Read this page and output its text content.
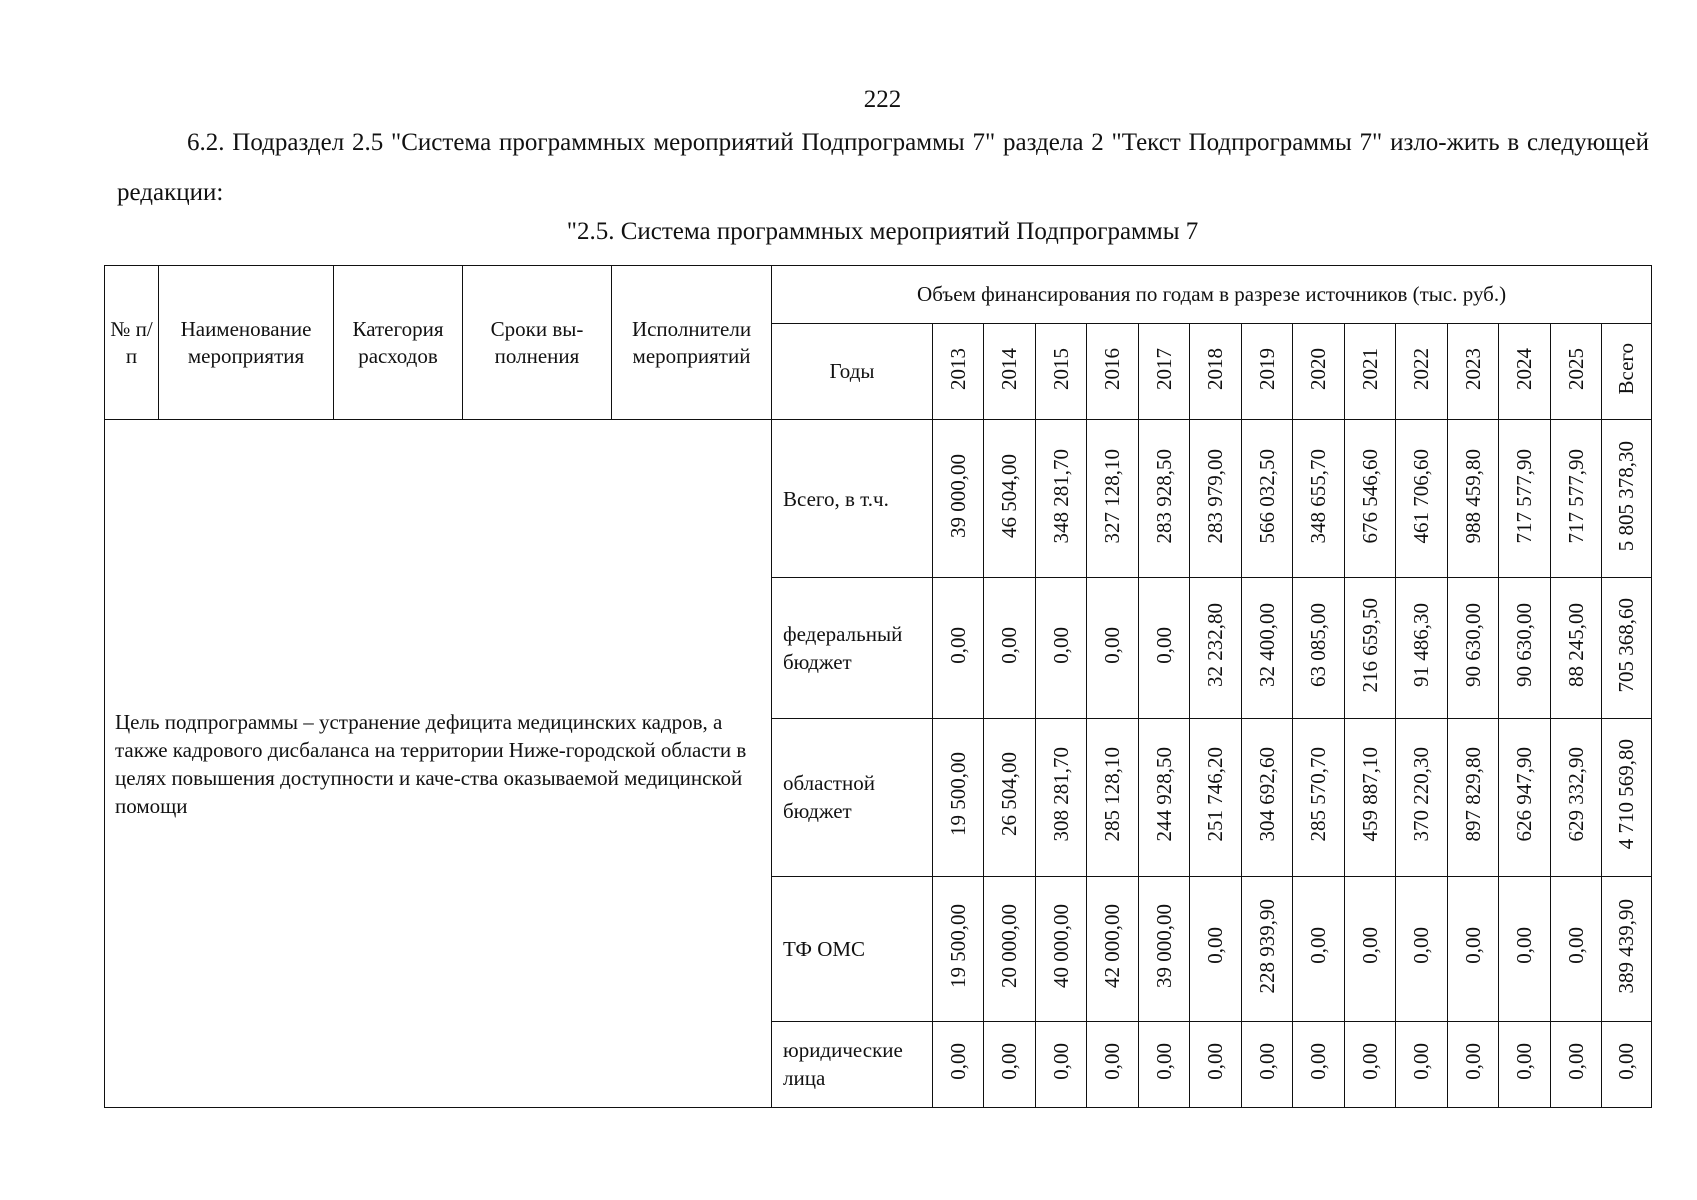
222
6.2. Подраздел 2.5 "Система программных мероприятий Подпрограммы 7" раздела 2 "Текст Подпрограммы 7" изло-жить в следующей редакции:
"2.5. Система программных мероприятий Подпрограммы 7
№ п/п	Наименование мероприятия	Категория расходов	Сроки вы-полнения	Исполнители мероприятий	Объем финансирования по годам в разрезе источников (тыс. руб.)														
					Годы	2013	2014	2015	2016	2017	2018	2019	2020	2021	2022	2023	2024	2025	Всего
Цель подпрограммы – устранение дефицита медицинских кадров, а также кадрового дисбаланса на территории Ниже-городской области в целях повышения доступности и каче-ства оказываемой медицинской помощи					Всего, в т.ч.	39 000,00	46 504,00	348 281,70	327 128,10	283 928,50	283 979,00	566 032,50	348 655,70	676 546,60	461 706,60	988 459,80	717 577,90	717 577,90	5 805 378,30
					федеральный бюджет	0,00	0,00	0,00	0,00	0,00	32 232,80	32 400,00	63 085,00	216 659,50	91 486,30	90 630,00	90 630,00	88 245,00	705 368,60
					областной бюджет	19 500,00	26 504,00	308 281,70	285 128,10	244 928,50	251 746,20	304 692,60	285 570,70	459 887,10	370 220,30	897 829,80	626 947,90	629 332,90	4 710 569,80
					ТФ ОМС	19 500,00	20 000,00	40 000,00	42 000,00	39 000,00	0,00	228 939,90	0,00	0,00	0,00	0,00	0,00	0,00	389 439,90
					юридические лица	0,00	0,00	0,00	0,00	0,00	0,00	0,00	0,00	0,00	0,00	0,00	0,00	0,00	0,00
